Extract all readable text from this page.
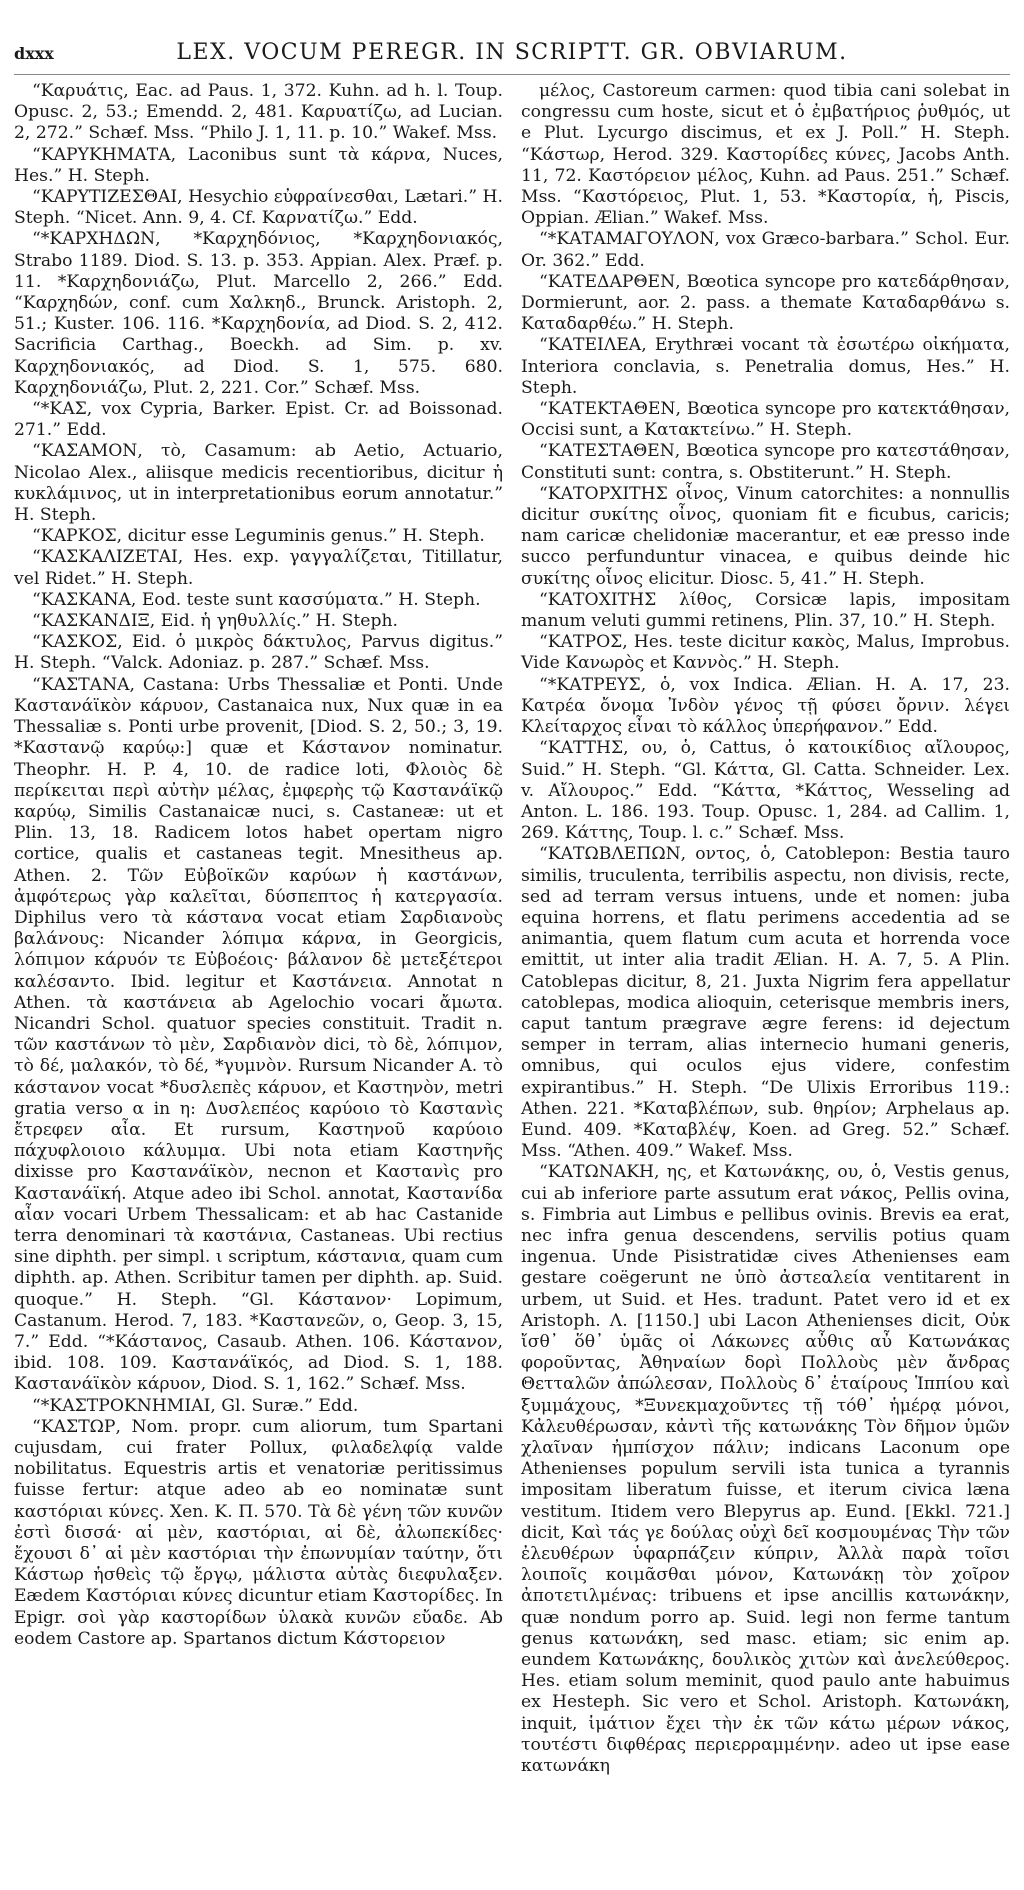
dxxx	LEX. VOCUM PEREGR. IN SCRIPTT. GR. OBVIARUM.

“Καρυάτις, Eac. ad Paus. 1, 372. Kuhn. ad h. l. Toup. Opusc. 2, 53.; Emendd. 2, 481. Καρυατίζω, ad Lucian. 2, 272.” Schæf. Mss. “Philo J. 1, 11. p. 10.” Wakef. Mss.

“ΚΑΡΥΚΗΜΑΤΑ, Laconibus sunt τὰ κάρνα, Nuces, Hes.” H. Steph.

“ΚΑΡΥΤΙΖΕΣΘΑΙ, Hesychio εὐφραίνεσθαι, Lætari.” H. Steph. “Nicet. Ann. 9, 4. Cf. Καρνατίζω.” Edd.

“*ΚΑΡΧΗΔΩΝ, *Καρχηδόνιος, *Καρχηδονιακός, Strabo 1189. Diod. S. 13. p. 353. Appian. Alex. Præf. p. 11. *Καρχηδονιάζω, Plut. Marcello 2, 266.” Edd. “Καρχηδών, conf. cum Χαλκηδ., Brunck. Aristoph. 2, 51.; Kuster. 106. 116. *Καρχηδονία, ad Diod. S. 2, 412. Sacrificia Carthag., Boeckh. ad Sim. p. xv. Καρχηδονιακός, ad Diod. S. 1, 575. 680. Καρχηδονιάζω, Plut. 2, 221. Cor.” Schæf. Mss.

“*ΚΑΣ, vox Cypria, Barker. Epist. Cr. ad Boissonad. 271.” Edd.

“ΚΑΣΑΜΟΝ, τὸ, Casamum: ab Aetio, Actuario, Nicolao Alex., aliisque medicis recentioribus, dicitur ἡ κυκλάμινος, ut in interpretationibus eorum annotatur.” H. Steph.

“ΚΑΡΚΟΣ, dicitur esse Leguminis genus.” H. Steph.

“ΚΑΣΚΑΛΙΖΕΤΑΙ, Hes. exp. γαγγαλίζεται, Titillatur, vel Ridet.” H. Steph.

“ΚΑΣΚΑΝΑ, Eod. teste sunt κασσύματα.” H. Steph.

“ΚΑΣΚΑΝΔΙΞ, Eid. ἡ γηθυλλίς.” H. Steph.

“ΚΑΣΚΟΣ, Eid. ὁ μικρὸς δάκτυλος, Parvus digitus.” H. Steph. “Valck. Adoniaz. p. 287.” Schæf. Mss.

“ΚΑΣΤΑΝΑ, Castana: Urbs Thessaliæ et Ponti. Unde Καστανάϊκὸν κάρυον, Castanaica nux, Nux quæ in ea Thessaliæ s. Ponti urbe provenit, [Diod. S. 2, 50.; 3, 19. *Καστανῷ καρύῳ:] quæ et Κάστανον nominatur. Theophr. H. P. 4, 10. de radice loti, Φλοιὸς δὲ περίκειται περὶ αὐτὴν μέλας, ἐμφερὴς τῷ Καστανάϊκῷ καρύῳ, Similis Castanaicæ nuci, s. Castaneæ: ut et Plin. 13, 18. Radicem lotos habet opertam nigro cortice, qualis et castaneas tegit. Mnesitheus ap. Athen. 2. Τῶν Εὐβοϊκῶν καρύων ἡ καστάνων, ἀμφότερως γὰρ καλεῖται, δύσπεπτος ἡ κατεργασία. Diphilus vero τὰ κάστανα vocat etiam Σαρδιανοὺς βαλάνους: Nicander λόπιμα κάρνα, in Georgicis, λόπιμον κάρυόν τε Εὐβοέοις· βάλανον δὲ μετεξέτεροι καλέσαντο. Ibid. legitur et Καστάνεια. Annotat n Athen. τὰ καστάνεια ab Agelochio vocari ἄμωτα. Nicandri Schol. quatuor species constituit. Tradit n. τῶν καστάνων τὸ μὲν, Σαρδιανὸν dici, τὸ δὲ, λόπιμον, τὸ δέ, μαλακόν, τὸ δέ, *γυμνὸν. Rursum Nicander A. τὸ κάστανον vocat *δυσλεπὲς κάρυον, et Καστηνὸν, metri gratia verso α in η: Δυσλεπέος καρύοιο τὸ Καστανὶς ἔτρεφεν αἶα. Et rursum, Καστηνοῦ καρύοιο πάχυφλοιοιο κάλυμμα. Ubi nota etiam Καστηνῆς dixisse pro Καστανάϊκὸν, necnon et Καστανὶς pro Καστανάϊκή. Atque adeo ibi Schol. annotat, Καστανίδα αἶαν vocari Urbem Thessalicam: et ab hac Castanide terra denominari τὰ καστάνια, Castaneas. Ubi rectius sine diphth. per simpl. ι scriptum, κάστανια, quam cum diphth. ap. Athen. Scribitur tamen per diphth. ap. Suid. quoque.” H. Steph. “Gl. Κάστανον· Lopimum, Castanum. Herod. 7, 183. *Καστανεῶν, ο, Geop. 3, 15, 7.” Edd. “*Κάστανος, Casaub. Athen. 106. Κάστανον, ibid. 108. 109. Καστανάϊκός, ad Diod. S. 1, 188. Καστανάϊκὸν κάρυον, Diod. S. 1, 162.” Schæf. Mss.

“*ΚΑΣΤΡΟΚΝΗΜΙΑΙ, Gl. Suræ.” Edd.

“ΚΑΣΤΩΡ, Nom. propr. cum aliorum, tum Spartani cujusdam, cui frater Pollux, φιλαδελφίᾳ valde nobilitatus. Equestris artis et venatoriæ peritissimus fuisse fertur: atque adeo ab eo nominatæ sunt καστόριαι κύνες. Xen. K. Π. 570. Τὰ δὲ γένη τῶν κυνῶν ἐστὶ δισσά· αἱ μὲν, καστόριαι, αἱ δὲ, ἀλωπεκίδες· ἔχουσι δ᾽ αἱ μὲν καστόριαι τὴν ἐπωνυμίαν ταύτην, ὅτι Κάστωρ ἡσθεὶς τῷ ἔργῳ, μάλιστα αὐτὰς διεφυλαξεν. Eædem Καστόριαι κύνες dicuntur etiam Καστορίδες. In Epigr. σοὶ γὰρ καστορίδων ὑλακὰ κυνῶν εὔαδε. Ab eodem Castore ap. Spartanos dictum Κάστορειον

μέλος, Castoreum carmen: quod tibia cani solebat in congressu cum hoste, sicut et ὁ ἐμβατήριος ῥυθμός, ut e Plut. Lycurgo discimus, et ex J. Poll.” H. Steph. “Κάστωρ, Herod. 329. Καστορίδες κύνες, Jacobs Anth. 11, 72. Καστόρειον μέλος, Kuhn. ad Paus. 251.” Schæf. Mss. “Καστόρειος, Plut. 1, 53. *Καστορία, ἡ, Piscis, Oppian. Ælian.” Wakef. Mss.

“*ΚΑΤΑΜΑΓΟΥΛΟΝ, vox Græco-barbara.” Schol. Eur. Or. 362.” Edd.

“ΚΑΤΕΔΑΡΘΕΝ, Bœotica syncope pro κατεδάρθησαν, Dormierunt, aor. 2. pass. a themate Καταδαρθάνω s. Καταδαρθέω.” H. Steph.

“ΚΑΤΕΙΛΕΑ, Erythræi vocant τὰ ἐσωτέρω οἰκήματα, Interiora conclavia, s. Penetralia domus, Hes.” H. Steph.

“ΚΑΤΕΚΤΑΘΕΝ, Bœotica syncope pro κατεκτάθησαν, Occisi sunt, a Κατακτείνω.” H. Steph.

“ΚΑΤΕΣΤΑΘΕΝ, Bœotica syncope pro κατεστάθησαν, Constituti sunt: contra, s. Obstiterunt.” H. Steph.

“ΚΑΤΟΡΧΙΤΗΣ οἶνος, Vinum catorchites: a nonnullis dicitur συκίτης οἶνος, quoniam fit e ficubus, caricis; nam caricæ chelidoniæ macerantur, et eæ presso inde succo perfunduntur vinacea, e quibus deinde hic συκίτης οἶνος elicitur. Diosc. 5, 41.” H. Steph.

“ΚΑΤΟΧΙΤΗΣ λίθος, Corsicæ lapis, impositam manum veluti gummi retinens, Plin. 37, 10.” H. Steph.

“ΚΑΤΡΟΣ, Hes. teste dicitur κακὸς, Malus, Improbus. Vide Κανωρὸς et Καννὸς.” H. Steph.

“*ΚΑΤΡΕΥΣ, ὁ, vox Indica. Ælian. H. A. 17, 23. Κατρέα ὄνομα Ἰνδὸν γένος τῇ φύσει ὄρνιν. λέγει Κλείταρχος εἶναι τὸ κάλλος ὑπερήφανον.” Edd.

“ΚΑΤΤΗΣ, ου, ὁ, Cattus, ὁ κατοικίδιος αἴλουρος, Suid.” H. Steph. “Gl. Κάττα, Gl. Catta. Schneider. Lex. v. Αἴλουρος.” Edd. “Κάττα, *Κάττος, Wesseling ad Anton. L. 186. 193. Toup. Opusc. 1, 284. ad Callim. 1, 269. Κάττης, Toup. l. c.” Schæf. Mss.

“ΚΑΤΩΒΛΕΠΩΝ, οντος, ὁ, Catoblepon: Bestia tauro similis, truculenta, terribilis aspectu, non divisis, recte, sed ad terram versus intuens, unde et nomen: juba equina horrens, et flatu perimens accedentia ad se animantia, quem flatum cum acuta et horrenda voce emittit, ut inter alia tradit Ælian. H. A. 7, 5. A Plin. Catoblepas dicitur, 8, 21. Juxta Nigrim fera appellatur catoblepas, modica alioquin, ceterisque membris iners, caput tantum prægrave ægre ferens: id dejectum semper in terram, alias internecio humani generis, omnibus, qui oculos ejus videre, confestim expirantibus.” H. Steph. “De Ulixis Erroribus 119.: Athen. 221. *Καταβλέπων, sub. θηρίον; Arphelaus ap. Eund. 409. *Καταβλέψ, Koen. ad Greg. 52.” Schæf. Mss. “Athen. 409.” Wakef. Mss.

“ΚΑΤΩΝΑΚΗ, ης, et Κατωνάκης, ου, ὁ, Vestis genus, cui ab inferiore parte assutum erat νάκος, Pellis ovina, s. Fimbria aut Limbus e pellibus ovinis. Brevis ea erat, nec infra genua descendens, servilis potius quam ingenua. Unde Pisistratidæ cives Athenienses eam gestare coëgerunt ne ὑπὸ ἀστεαλεία ventitarent in urbem, ut Suid. et Hes. tradunt. Patet vero id et ex Aristoph. Λ. [1150.] ubi Lacon Athenienses dicit, Οὐκ ἴσθ᾽ ὅθ᾽ ὑμᾶς οἱ Λάκωνες αὖθις αὖ Κατωνάκας φοροῦντας, Ἀθηναίων δορὶ Πολλοὺς μὲν ἄνδρας Θετταλῶν ἀπώλεσαν, Πολλοὺς δ᾽ ἑταίρους Ἱππίου καὶ ξυμμάχους, *Ξυνεκμαχοῦντες τῇ τόθ᾽ ἡμέρᾳ μόνοι, Κἀλευθέρωσαν, κἀντὶ τῆς κατωνάκης Τὸν δῆμον ὑμῶν χλαῖναν ἠμπίσχον πάλιν; indicans Laconum ope Athenienses populum servili ista tunica a tyrannis impositam liberatum fuisse, et iterum civica læna vestitum. Itidem vero Blepyrus ap. Eund. [Ekkl. 721.] dicit, Καὶ τάς γε δούλας οὐχὶ δεῖ κοσμουμένας Τὴν τῶν ἐλευθέρων ὑφαρπάζειν κύπριν, Ἀλλὰ παρὰ τοῖσι λοιποῖς κοιμᾶσθαι μόνον, Κατωνάκῃ τὸν χοῖρον ἀποτετιλμένας: tribuens et ipse ancillis κατωνάκην, quæ nondum porro ap. Suid. legi non ferme tantum genus κατωνάκη, sed masc. etiam; sic enim ap. eundem Κατωνάκης, δουλικὸς χιτὼν καὶ ἀνελεύθερος. Hes. etiam solum meminit, quod paulo ante habuimus ex Hesteph. Sic vero et Schol. Aristoph. Κατωνάκη, inquit, ἱμάτιον ἔχει τὴν ἐκ τῶν κάτω μέρων νάκος, τουτέστι διφθέρας περιερραμμένην. adeo ut ipse ease κατωνάκη
